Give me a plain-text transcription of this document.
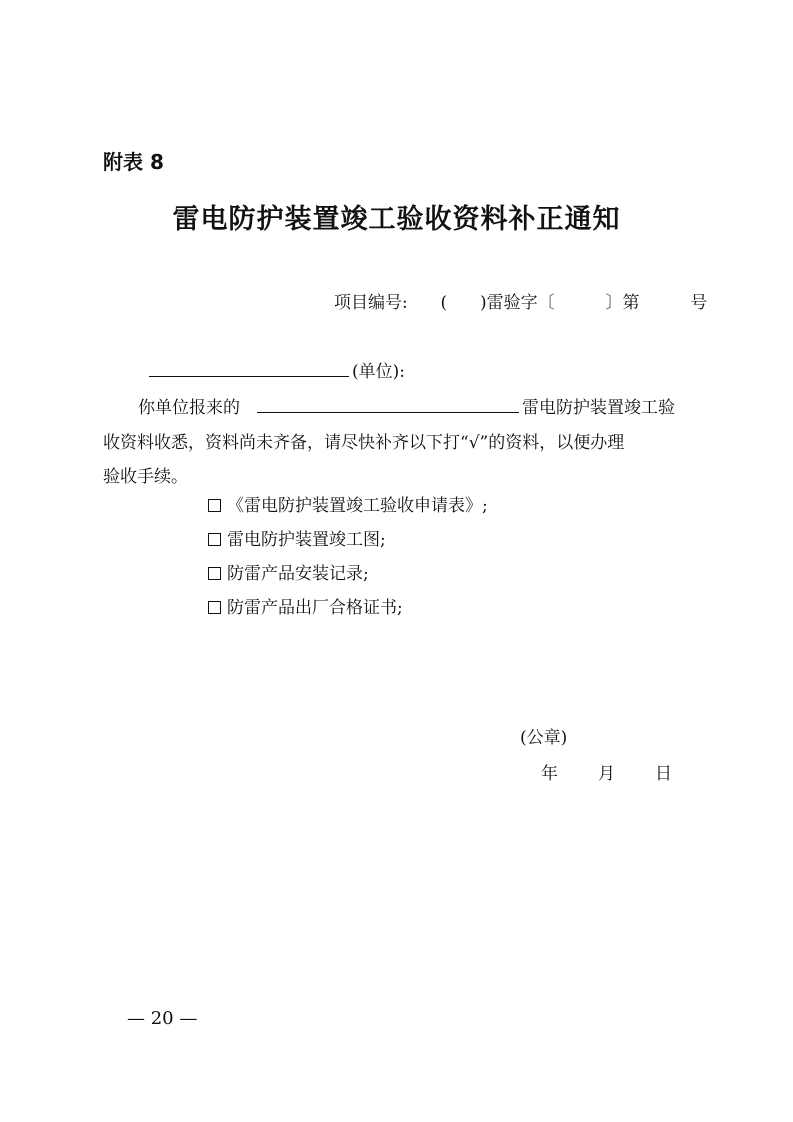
附表 8
雷电防护装置竣工验收资料补正通知
项目编号: ( )雷验字〔	〕第	号
(单位):
你单位报来的	雷电防护装置竣工验
收资料收悉，资料尚未齐备，请尽快补齐以下打“√”的资料，以便办理
验收手续。
《雷电防护装置竣工验收申请表》;
雷电防护装置竣工图;
防雷产品安装记录;
防雷产品出厂合格证书;
(公章)
年 月 日
— 20 —
